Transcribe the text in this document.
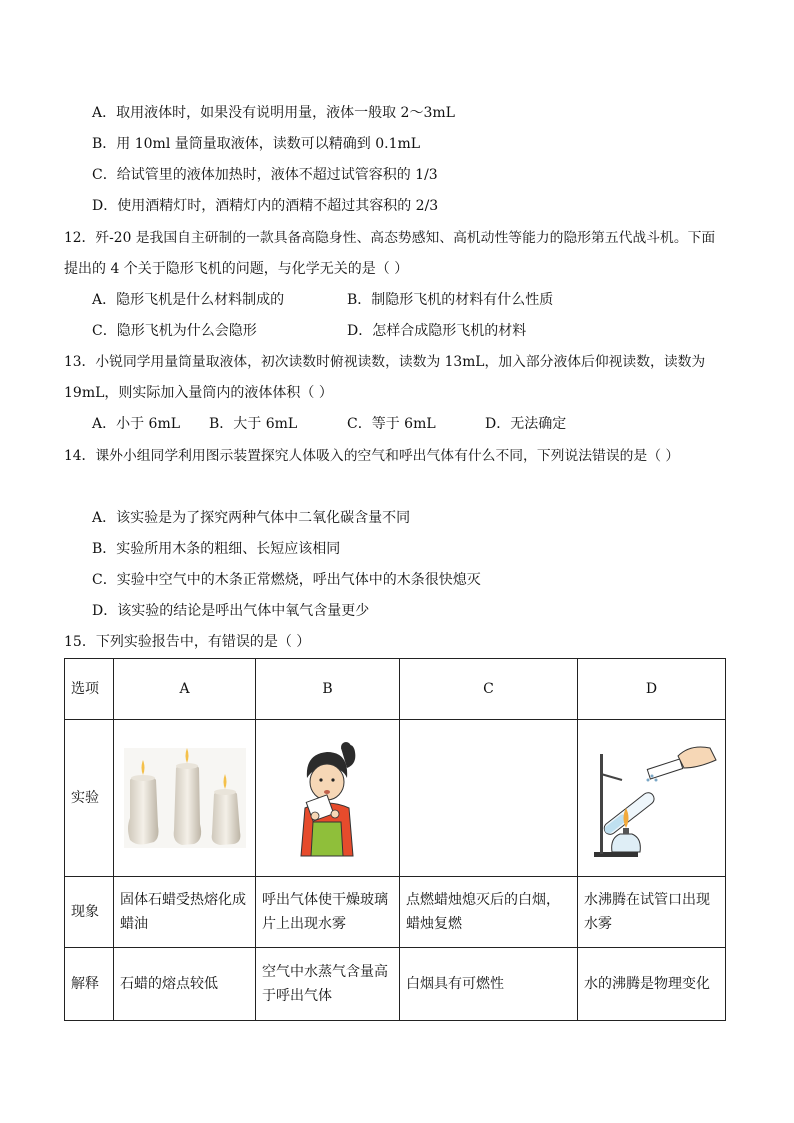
A．取用液体时，如果没有说明用量，液体一般取 2～3mL
B．用 10ml 量筒量取液体，读数可以精确到 0.1mL
C．给试管里的液体加热时，液体不超过试管容积的 1/3
D．使用酒精灯时，酒精灯内的酒精不超过其容积的 2/3
12．歼-20 是我国自主研制的一款具备高隐身性、高态势感知、高机动性等能力的隐形第五代战斗机。下面
提出的 4 个关于隐形飞机的问题，与化学无关的是（ ）
A．隐形飞机是什么材料制成的	B．制隐形飞机的材料有什么性质
C．隐形飞机为什么会隐形	D．怎样合成隐形飞机的材料
13．小锐同学用量筒量取液体，初次读数时俯视读数，读数为 13mL，加入部分液体后仰视读数，读数为
19mL，则实际加入量筒内的液体体积（ ）
A．小于 6mL	B．大于 6mL	C．等于 6mL	D．无法确定
14．课外小组同学利用图示装置探究人体吸入的空气和呼出气体有什么不同，下列说法错误的是（ ）
A．该实验是为了探究两种气体中二氧化碳含量不同
B．实验所用木条的粗细、长短应该相同
C．实验中空气中的木条正常燃烧，呼出气体中的木条很快熄灭
D．该实验的结论是呼出气体中氧气含量更少
15．下列实验报告中，有错误的是（ ）
选项	A	B	C	D
实验	

现象	固体石蜡受热熔化成蜡油	呼出气体使干燥玻璃片上出现水雾	点燃蜡烛熄灭后的白烟，蜡烛复燃	水沸腾在试管口出现水雾
解释	石蜡的熔点较低	空气中水蒸气含量高于呼出气体	白烟具有可燃性	水的沸腾是物理变化
